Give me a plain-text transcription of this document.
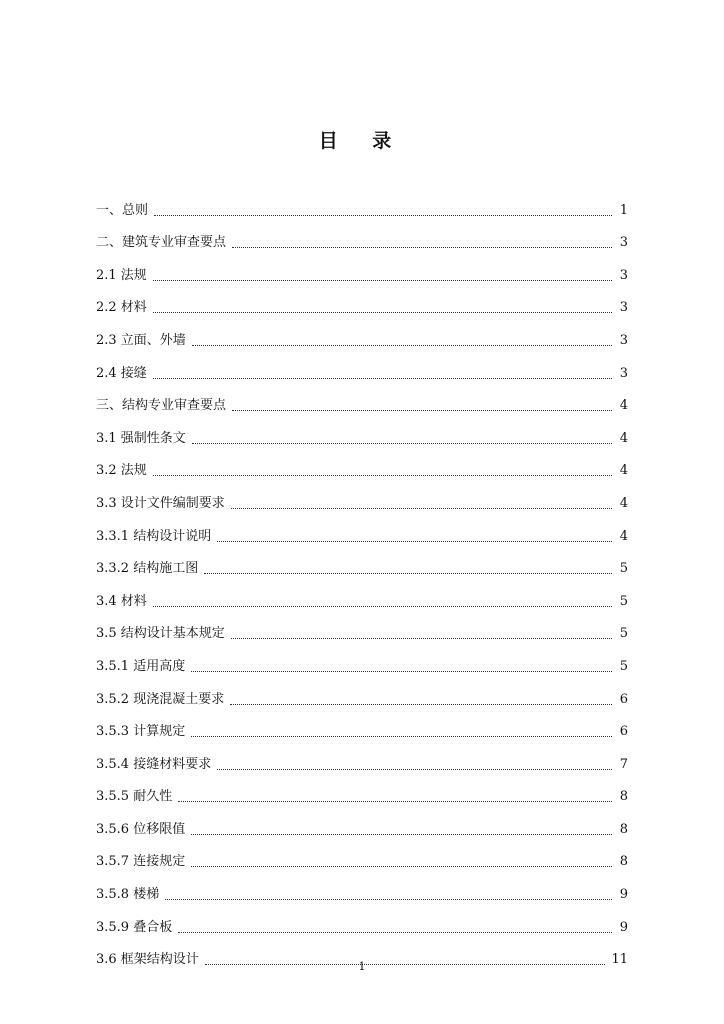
目 录
一、总则	1
二、建筑专业审查要点	3
2.1 法规	3
2.2 材料	3
2.3 立面、外墙	3
2.4 接缝	3
三、结构专业审查要点	4
3.1 强制性条文	4
3.2 法规	4
3.3 设计文件编制要求	4
3.3.1 结构设计说明	4
3.3.2 结构施工图	5
3.4 材料	5
3.5 结构设计基本规定	5
3.5.1 适用高度	5
3.5.2 现浇混凝土要求	6
3.5.3 计算规定	6
3.5.4 接缝材料要求	7
3.5.5 耐久性	8
3.5.6 位移限值	8
3.5.7 连接规定	8
3.5.8 楼梯	9
3.5.9 叠合板	9
3.6 框架结构设计	11
1
